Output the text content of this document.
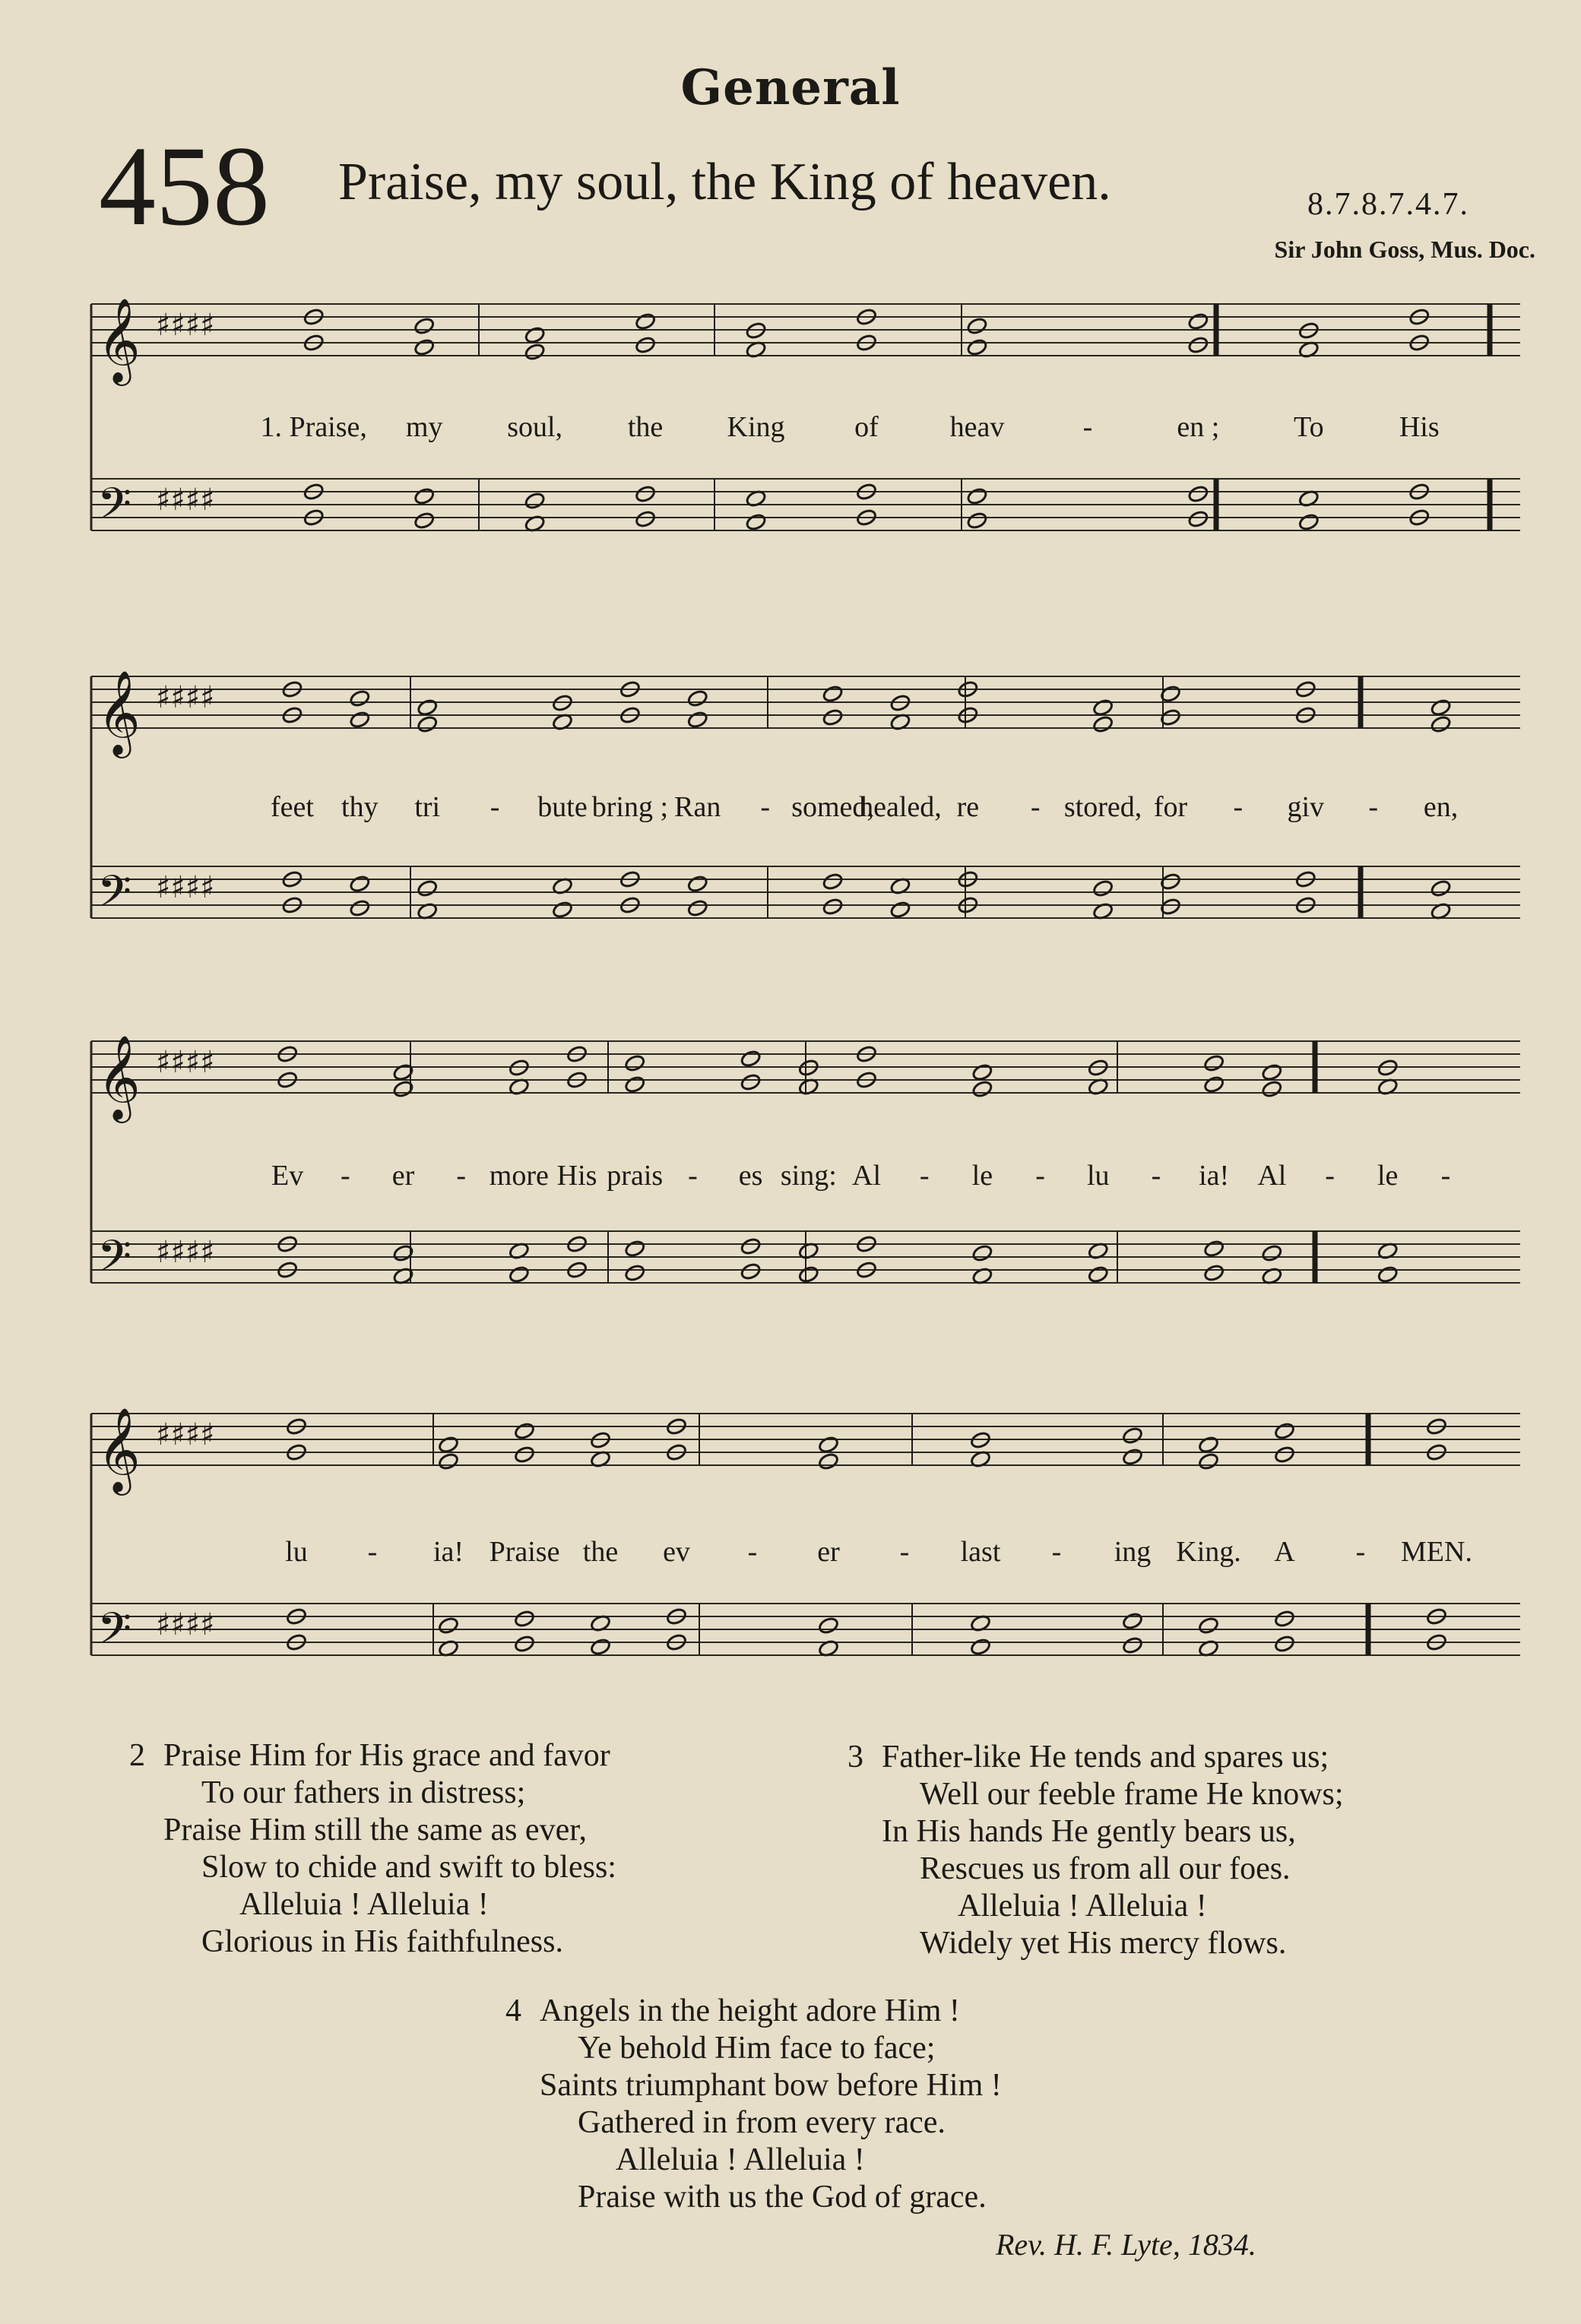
General
458 Praise, my soul, the King of heaven.	8.7.8.7.4.7.
Sir John Goss, Mus. Doc.
𝄞 ♯♯♯♯
𝄢 ♯♯♯♯
1. Praise, my soul, the King of heav	-	en ;	To	His
𝄞 ♯♯♯♯
𝄢 ♯♯♯♯
feet thy tri - bute bring ; Ran - somed,
healed, re - stored, for - giv - en,
𝄞 ♯♯♯♯
𝄢 ♯♯♯♯
Ev - er - more His prais - es sing: Al - le - lu - ia! Al - le -
𝄞 ♯♯♯♯
𝄢 ♯♯♯♯
lu - ia! Praise the ev - er - last - ing King. A - MEN.
2 Praise Him for His grace and favor
To our fathers in distress;
Praise Him still the same as ever,
Slow to chide and swift to bless:
Alleluia ! Alleluia !
Glorious in His faithfulness.
3 Father-like He tends and spares us;
Well our feeble frame He knows;
In His hands He gently bears us,
Rescues us from all our foes.
Alleluia ! Alleluia !
Widely yet His mercy flows.
4 Angels in the height adore Him !
Ye behold Him face to face;
Saints triumphant bow before Him !
Gathered in from every race.
Alleluia ! Alleluia !
Praise with us the God of grace.
Rev. H. F. Lyte, 1834.
